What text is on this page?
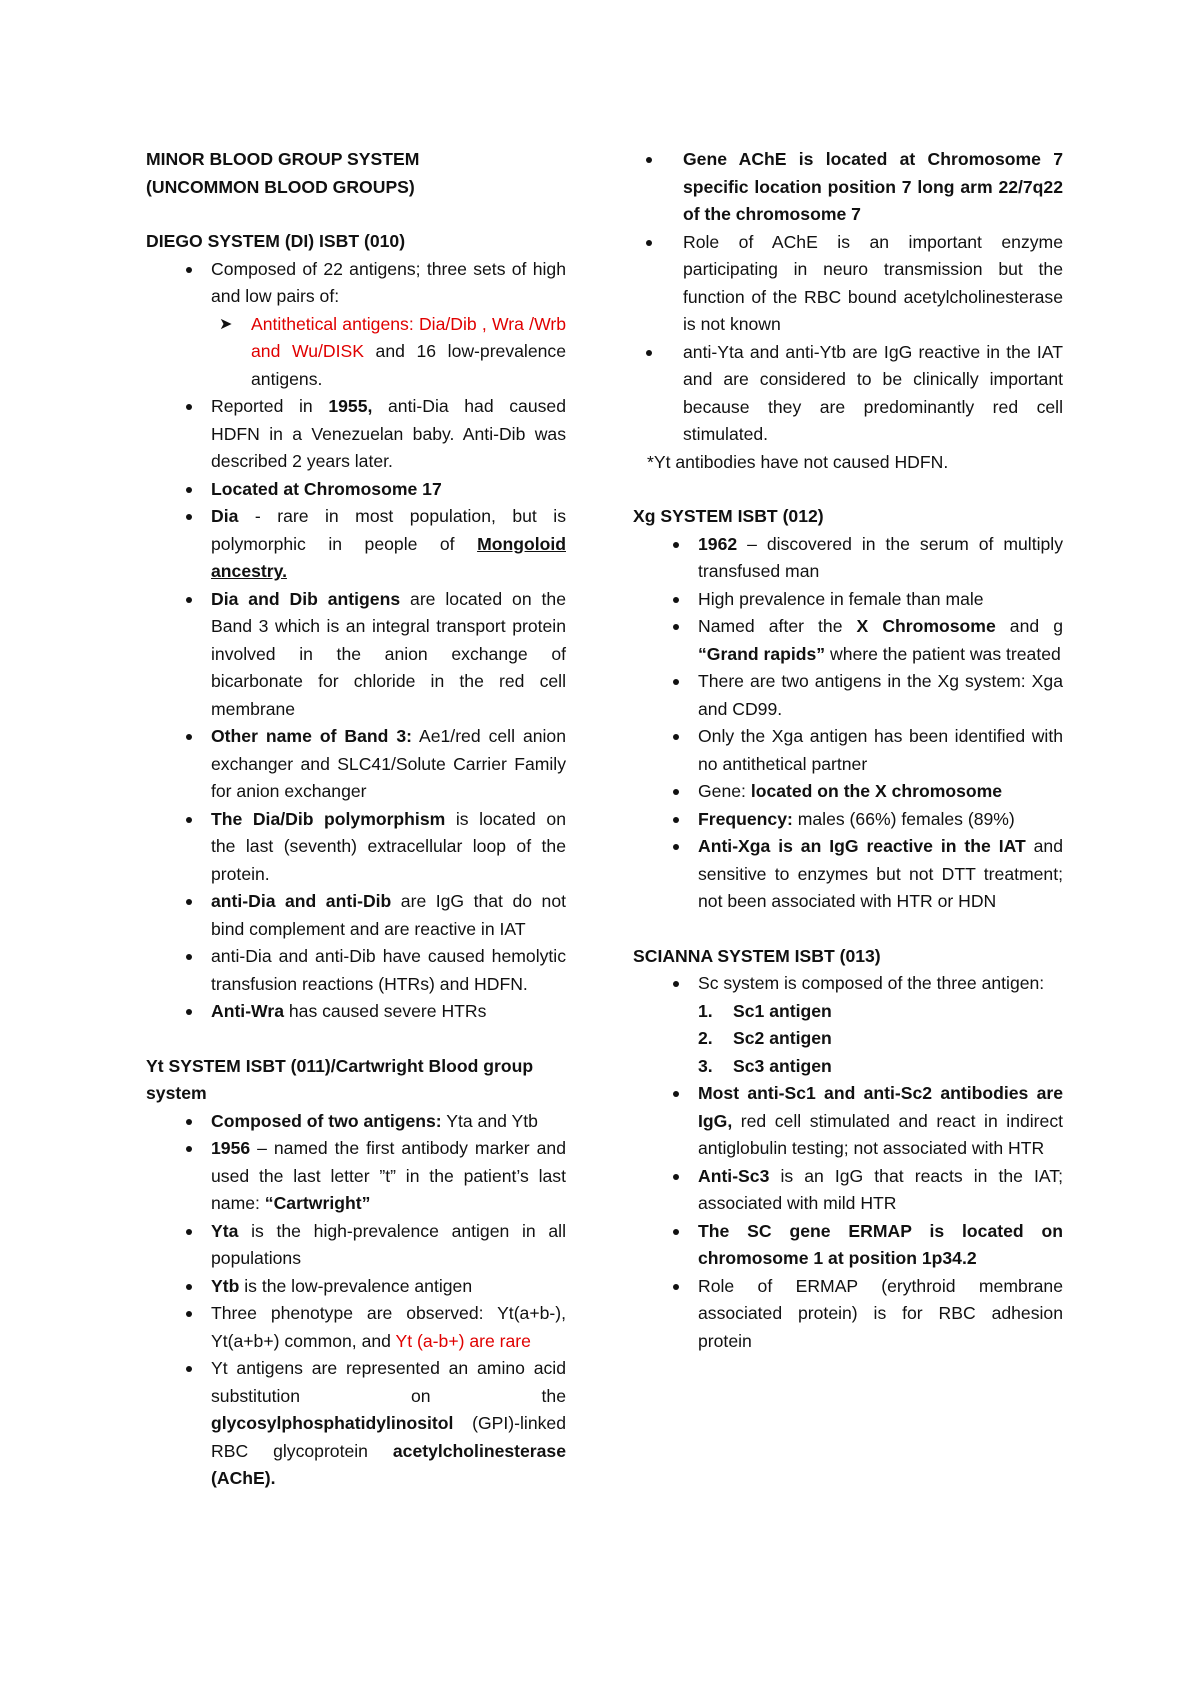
MINOR BLOOD GROUP SYSTEM

(UNCOMMON BLOOD GROUPS)

DIEGO SYSTEM (DI) ISBT (010)

Composed of 22 antigens; three sets of high and low pairs of:
➤ Antithetical antigens: Dia/Dib , Wra /Wrb and Wu/DISK and 16 low-prevalence antigens.
Reported in 1955, anti-Dia had caused HDFN in a Venezuelan baby. Anti-Dib was described 2 years later.
Located at Chromosome 17
Dia - rare in most population, but is polymorphic in people of Mongoloid ancestry.
Dia and Dib antigens are located on the Band 3 which is an integral transport protein involved in the anion exchange of bicarbonate for chloride in the red cell membrane
Other name of Band 3: Ae1/red cell anion exchanger and SLC41/Solute Carrier Family for anion exchanger
The Dia/Dib polymorphism is located on the last (seventh) extracellular loop of the protein.
anti-Dia and anti-Dib are IgG that do not bind complement and are reactive in IAT
anti-Dia and anti-Dib have caused hemolytic transfusion reactions (HTRs) and HDFN.
Anti-Wra has caused severe HTRs

Yt SYSTEM ISBT (011)/Cartwright Blood group system

Composed of two antigens: Yta and Ytb
1956 – named the first antibody marker and used the last letter ”t” in the patient’s last name: “Cartwright”
Yta is the high-prevalence antigen in all populations
Ytb is the low-prevalence antigen
Three phenotype are observed: Yt(a+b-), Yt(a+b+) common, and Yt (a-b+) are rare
Yt antigens are represented an amino acid substitution on the glycosylphosphatidylinositol (GPI)-linked RBC glycoprotein acetylcholinesterase (AChE).
Gene AChE is located at Chromosome 7 specific location position 7 long arm 22/7q22 of the chromosome 7
Role of AChE is an important enzyme participating in neuro transmission but the function of the RBC bound acetylcholinesterase is not known
anti-Yta and anti-Ytb are IgG reactive in the IAT and are considered to be clinically important because they are predominantly red cell stimulated.

*Yt antibodies have not caused HDFN.

Xg SYSTEM ISBT (012)

1962 – discovered in the serum of multiply transfused man
High prevalence in female than male
Named after the X Chromosome and g “Grand rapids” where the patient was treated
There are two antigens in the Xg system: Xga and CD99.
Only the Xga antigen has been identified with no antithetical partner
Gene: located on the X chromosome
Frequency: males (66%) females (89%)
Anti-Xga is an IgG reactive in the IAT and sensitive to enzymes but not DTT treatment; not been associated with HTR or HDN

SCIANNA SYSTEM ISBT (013)

Sc system is composed of the three antigen:
1. Sc1 antigen
2. Sc2 antigen
3. Sc3 antigen
Most anti-Sc1 and anti-Sc2 antibodies are IgG, red cell stimulated and react in indirect antiglobulin testing; not associated with HTR
Anti-Sc3 is an IgG that reacts in the IAT; associated with mild HTR
The SC gene ERMAP is located on chromosome 1 at position 1p34.2
Role of ERMAP (erythroid membrane associated protein) is for RBC adhesion protein
